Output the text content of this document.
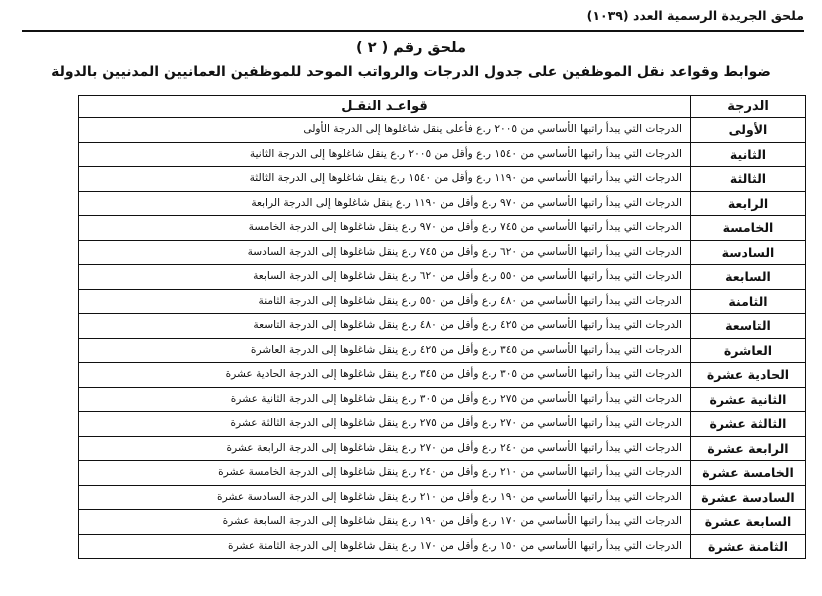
ملحق الجريدة الرسمية العدد (١٠٣٩)
ملحق رقم ( ٢ )
ضوابط وقواعد نقل الموظفين على جدول الدرجات والرواتب الموحد للموظفين العمانيين المدنيين بالدولة
الدرجة	قواعـد النقـل
الأولى	الدرجات التي يبدأ راتبها الأساسي من ٢٠٠٥ ر.ع فأعلى ينقل شاغلوها إلى الدرجة الأولى
الثانية	الدرجات التي يبدأ راتبها الأساسي من ١٥٤٠ ر.ع وأقل من ٢٠٠٥ ر.ع ينقل شاغلوها إلى الدرجة الثانية
الثالثة	الدرجات التي يبدأ راتبها الأساسي من ١١٩٠ ر.ع وأقل من ١٥٤٠ ر.ع ينقل شاغلوها إلى الدرجة الثالثة
الرابعة	الدرجات التي يبدأ راتبها الأساسي من ٩٧٠ ر.ع وأقل من ١١٩٠ ر.ع ينقل شاغلوها إلى الدرجة الرابعة
الخامسة	الدرجات التي يبدأ راتبها الأساسي من ٧٤٥ ر.ع وأقل من ٩٧٠ ر.ع ينقل شاغلوها إلى الدرجة الخامسة
السادسة	الدرجات التي يبدأ راتبها الأساسي من ٦٢٠ ر.ع وأقل من ٧٤٥ ر.ع ينقل شاغلوها إلى الدرجة السادسة
السابعة	الدرجات التي يبدأ راتبها الأساسي من ٥٥٠ ر.ع وأقل من ٦٢٠ ر.ع ينقل شاغلوها إلى الدرجة السابعة
الثامنة	الدرجات التي يبدأ راتبها الأساسي من ٤٨٠ ر.ع وأقل من ٥٥٠ ر.ع ينقل شاغلوها إلى الدرجة الثامنة
التاسعة	الدرجات التي يبدأ راتبها الأساسي من ٤٢٥ ر.ع وأقل من ٤٨٠ ر.ع ينقل شاغلوها إلى الدرجة التاسعة
العاشرة	الدرجات التي يبدأ راتبها الأساسي من ٣٤٥ ر.ع وأقل من ٤٢٥ ر.ع ينقل شاغلوها إلى الدرجة العاشرة
الحادية عشرة	الدرجات التي يبدأ راتبها الأساسي من ٣٠٥ ر.ع وأقل من ٣٤٥ ر.ع ينقل شاغلوها إلى الدرجة الحادية عشرة
الثانية عشرة	الدرجات التي يبدأ راتبها الأساسي من ٢٧٥ ر.ع وأقل من ٣٠٥ ر.ع ينقل شاغلوها إلى الدرجة الثانية عشرة
الثالثة عشرة	الدرجات التي يبدأ راتبها الأساسي من ٢٧٠ ر.ع وأقل من ٢٧٥ ر.ع ينقل شاغلوها إلى الدرجة الثالثة عشرة
الرابعة عشرة	الدرجات التي يبدأ راتبها الأساسي من ٢٤٠ ر.ع وأقل من ٢٧٠ ر.ع ينقل شاغلوها إلى الدرجة الرابعة عشرة
الخامسة عشرة	الدرجات التي يبدأ راتبها الأساسي من ٢١٠ ر.ع وأقل من ٢٤٠ ر.ع ينقل شاغلوها إلى الدرجة الخامسة عشرة
السادسة عشرة	الدرجات التي يبدأ راتبها الأساسي من ١٩٠ ر.ع وأقل من ٢١٠ ر.ع ينقل شاغلوها إلى الدرجة السادسة عشرة
السابعة عشرة	الدرجات التي يبدأ راتبها الأساسي من ١٧٠ ر.ع وأقل من ١٩٠ ر.ع ينقل شاغلوها إلى الدرجة السابعة عشرة
الثامنة عشرة	الدرجات التي يبدأ راتبها الأساسي من ١٥٠ ر.ع وأقل من ١٧٠ ر.ع ينقل شاغلوها إلى الدرجة الثامنة عشرة
